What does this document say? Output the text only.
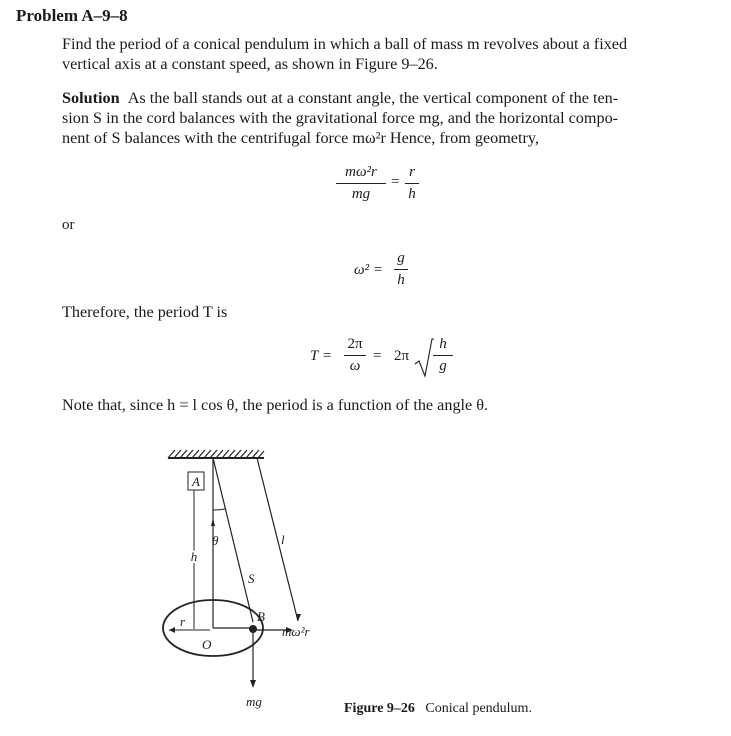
Problem A–9–8
Find the period of a conical pendulum in which a ball of mass m revolves about a fixed
vertical axis at a constant speed, as shown in Figure 9–26.
Solution As the ball stands out at a constant angle, the vertical component of the ten-
sion S in the cord balances with the gravitational force mg, and the horizontal compo-
nent of S balances with the centrifugal force mω²r Hence, from geometry,
mω²r
mg
=
r
h
or
ω² =
g
h
Therefore, the period T is
T =
2π
ω
= 2π
h
g
Note that, since h = l cos θ, the period is a function of the angle θ.
A
θ	l
h
S
B
r
O
mω²r
mg	Figure 9–26 Conical pendulum.
